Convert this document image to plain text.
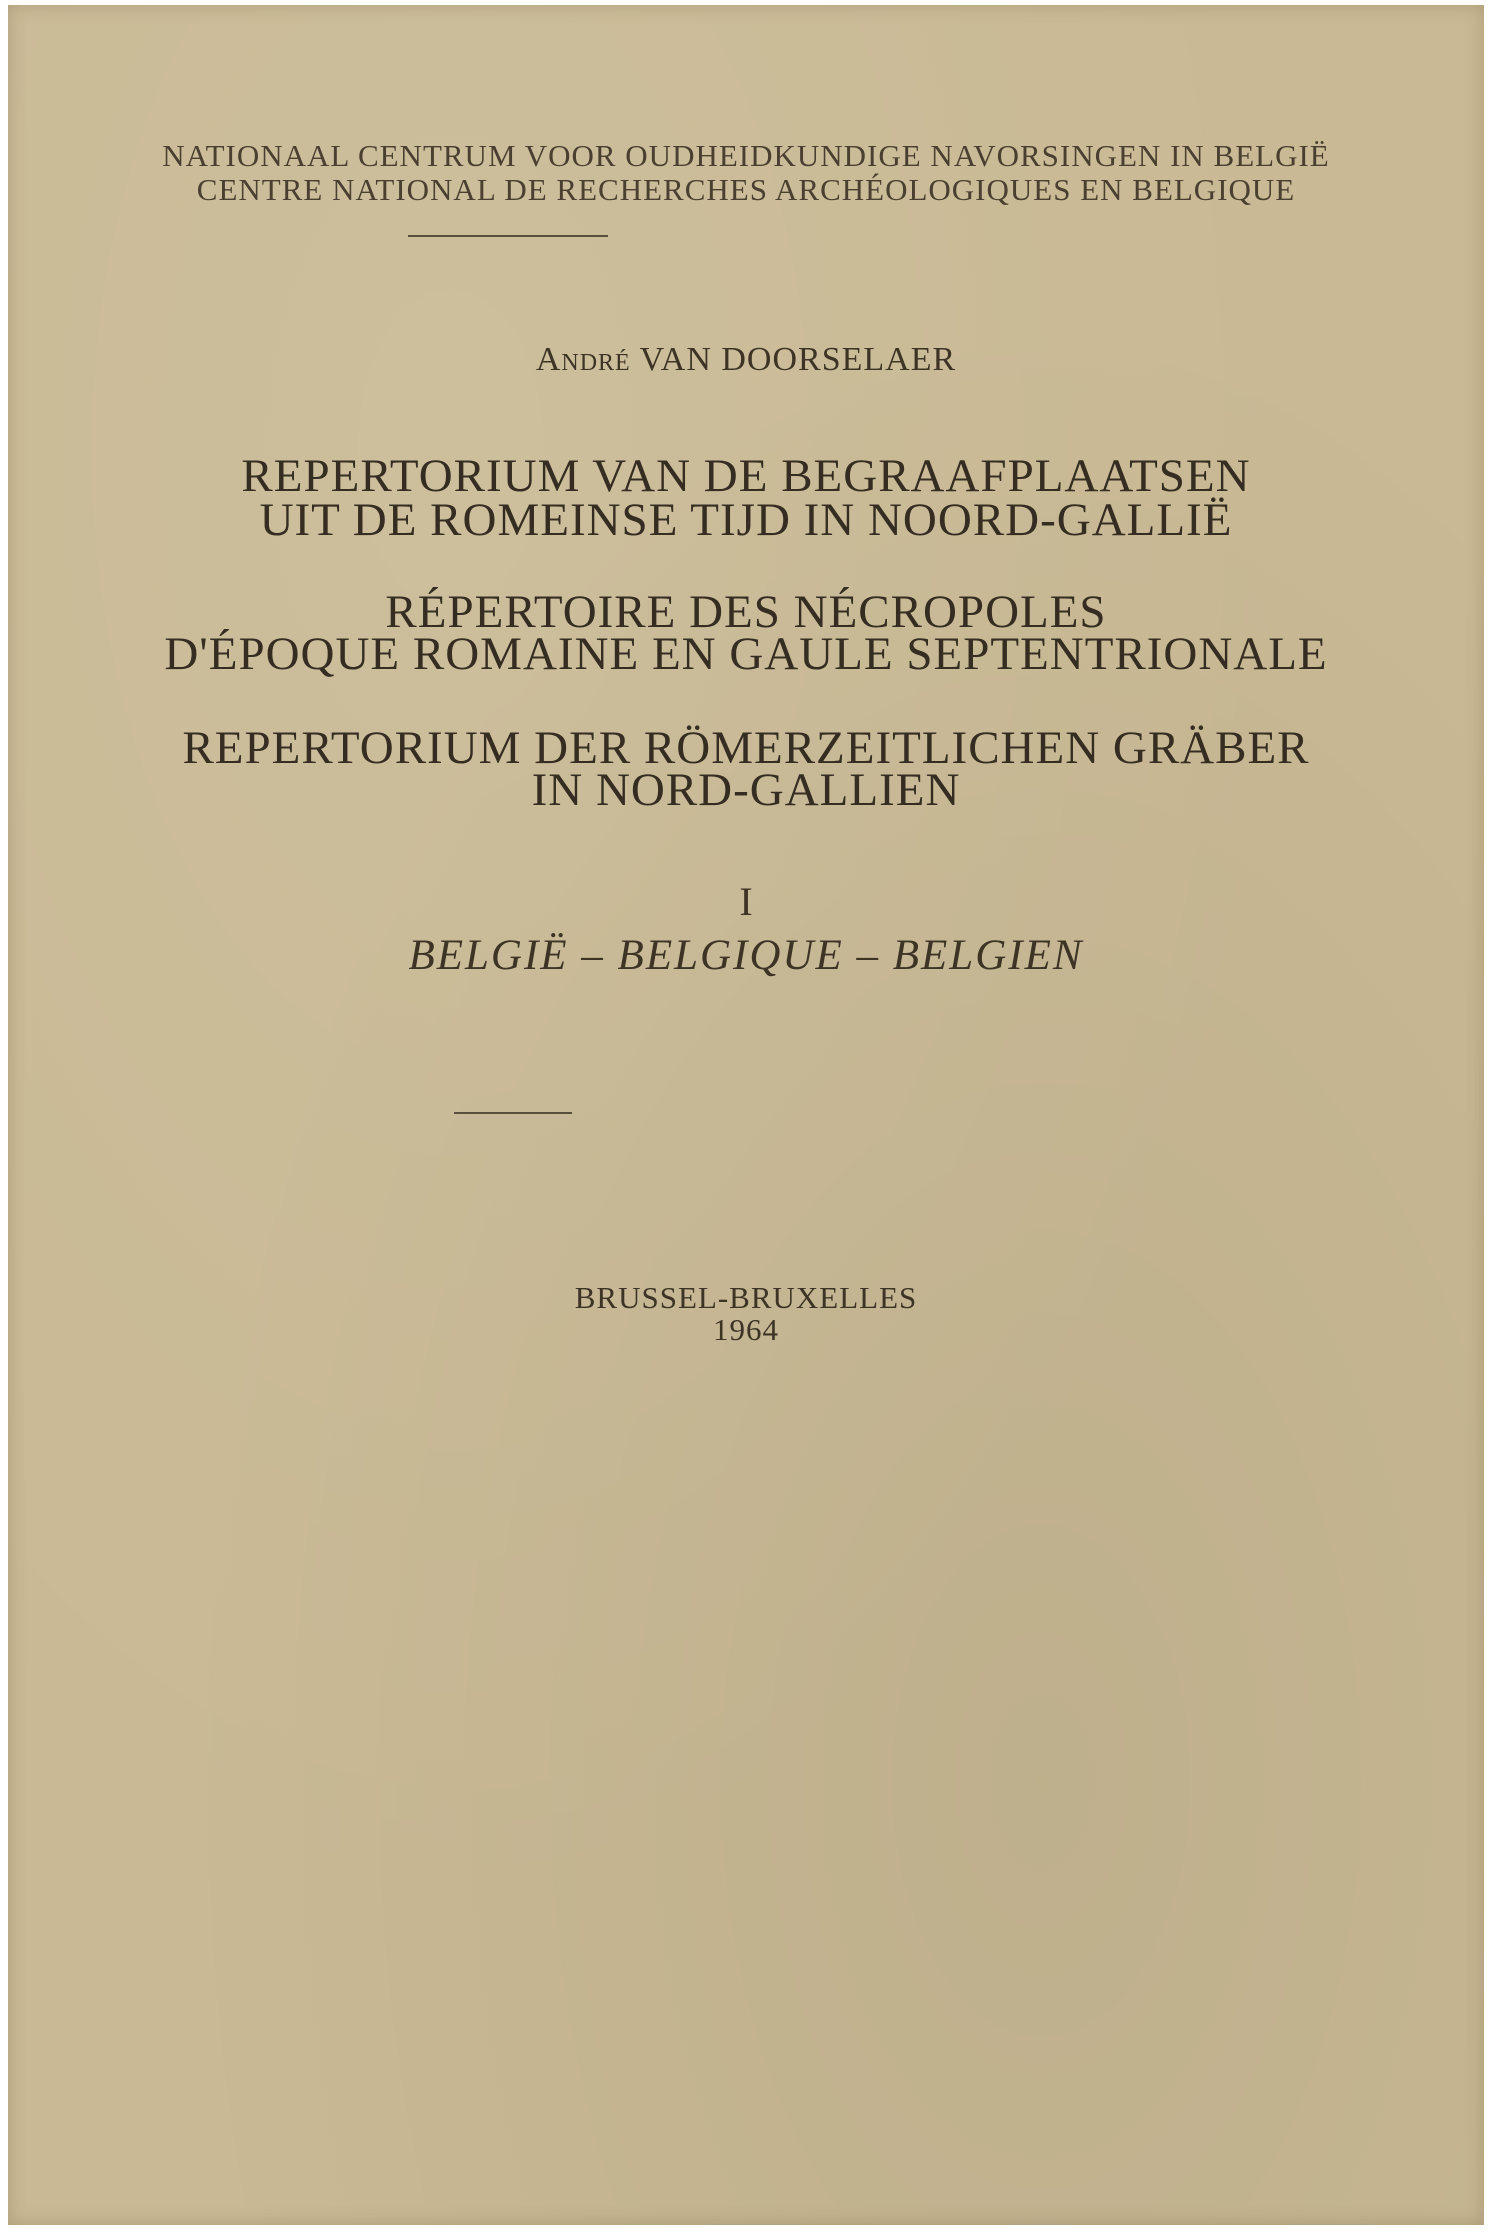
NATIONAAL CENTRUM VOOR OUDHEIDKUNDIGE NAVORSINGEN IN BELGIË
CENTRE NATIONAL DE RECHERCHES ARCHÉOLOGIQUES EN BELGIQUE
André VAN DOORSELAER
REPERTORIUM VAN DE BEGRAAFPLAATSEN
UIT DE ROMEINSE TIJD IN NOORD-GALLIË
RÉPERTOIRE DES NÉCROPOLES
D'ÉPOQUE ROMAINE EN GAULE SEPTENTRIONALE
REPERTORIUM DER RÖMERZEITLICHEN GRÄBER
IN NORD-GALLIEN
I
BELGIË – BELGIQUE – BELGIEN
BRUSSEL-BRUXELLES
1964
